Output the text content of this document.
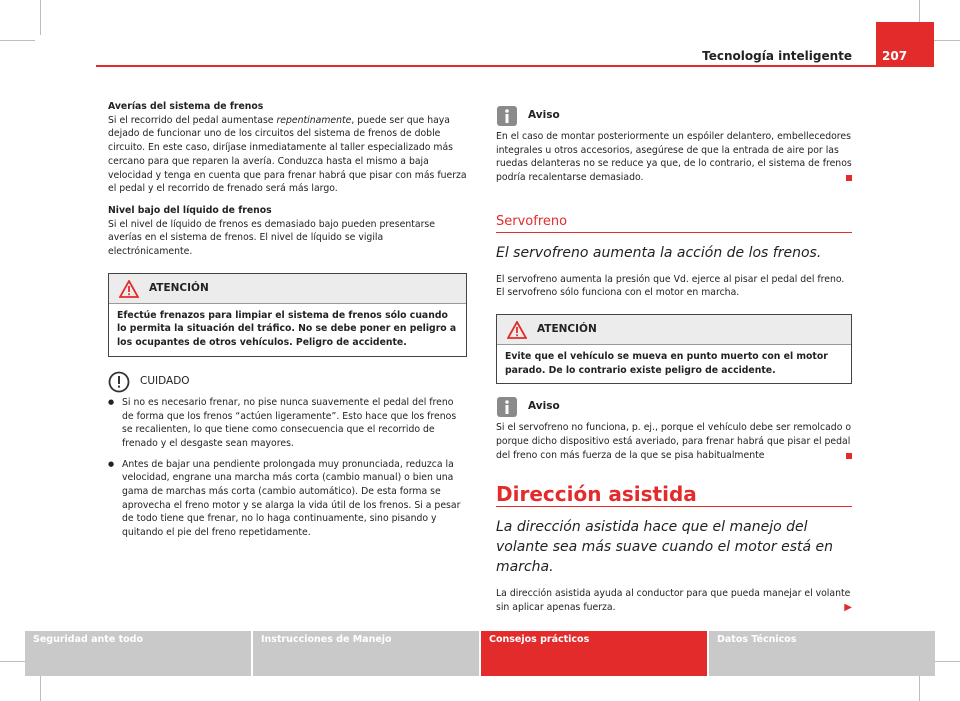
Tecnología inteligente	207

Averías del sistema de frenos

Si el recorrido del pedal aumentase repentinamente, puede ser que haya dejado de funcionar uno de los circuitos del sistema de frenos de doble circuito. En este caso, diríjase inmediatamente al taller especializado más cercano para que reparen la avería. Conduzca hasta el mismo a baja velocidad y tenga en cuenta que para frenar habrá que pisar con más fuerza el pedal y el recorrido de frenado será más largo.

Nivel bajo del líquido de frenos

Si el nivel de líquido de frenos es demasiado bajo pueden presentarse averías en el sistema de frenos. El nivel de líquido se vigila electrónicamente.

ATENCIÓN
Efectúe frenazos para limpiar el sistema de frenos sólo cuando lo permita la situación del tráfico. No se debe poner en peligro a los ocupantes de otros vehículos. Peligro de accidente.
CUIDADO
● Si no es necesario frenar, no pise nunca suavemente el pedal del freno de forma que los frenos “actúen ligeramente”. Esto hace que los frenos se recalienten, lo que tiene como consecuencia que el recorrido de frenado y el desgaste sean mayores.
● Antes de bajar una pendiente prolongada muy pronunciada, reduzca la velocidad, engrane una marcha más corta (cambio manual) o bien una gama de marchas más corta (cambio automático). De esta forma se aprovecha el freno motor y se alarga la vida útil de los frenos. Si a pesar de todo tiene que frenar, no lo haga continuamente, sino pisando y quitando el pie del freno repetidamente.
Aviso

En el caso de montar posteriormente un espóiler delantero, embellecedores integrales u otros accesorios, asegúrese de que la entrada de aire por las ruedas delanteras no se reduce ya que, de lo contrario, el sistema de frenos podría recalentarse demasiado.

Servofreno
El servofreno aumenta la acción de los frenos.

El servofreno aumenta la presión que Vd. ejerce al pisar el pedal del freno. El servofreno sólo funciona con el motor en marcha.

ATENCIÓN
Evite que el vehículo se mueva en punto muerto con el motor parado. De lo contrario existe peligro de accidente.
Aviso

Si el servofreno no funciona, p. ej., porque el vehículo debe ser remolcado o porque dicho dispositivo está averiado, para frenar habrá que pisar el pedal del freno con más fuerza de la que se pisa habitualmente

Dirección asistida
La dirección asistida hace que el manejo del volante sea más suave cuando el motor está en marcha.

La dirección asistida ayuda al conductor para que pueda manejar el volante sin aplicar apenas fuerza.	▶

Seguridad ante todo	Instrucciones de Manejo	Consejos prácticos	Datos Técnicos
